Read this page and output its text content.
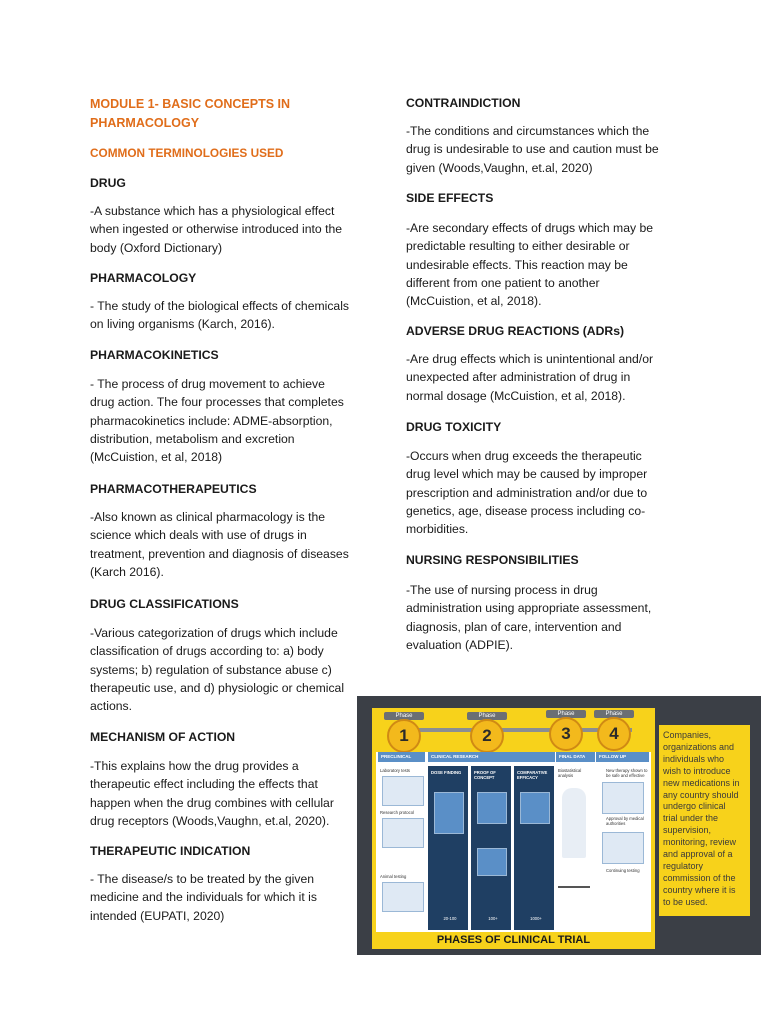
MODULE 1- BASIC CONCEPTS IN

PHARMACOLOGY

COMMON TERMINOLOGIES USED

DRUG

-A substance which has a physiological effect

when ingested or otherwise introduced into the

body (Oxford Dictionary)

PHARMACOLOGY

- The study of the biological effects of chemicals

on living organisms (Karch, 2016).

PHARMACOKINETICS

- The process of drug movement to achieve

drug action. The four processes that completes

pharmacokinetics include: ADME-absorption,

distribution, metabolism and excretion

(McCuistion, et al, 2018)

PHARMACOTHERAPEUTICS

-Also known as clinical pharmacology is the

science which deals with use of drugs in

treatment, prevention and diagnosis of diseases

(Karch 2016).

DRUG CLASSIFICATIONS

-Various categorization of drugs which include

classification of drugs according to: a) body

systems; b) regulation of substance abuse c)

therapeutic use, and d) physiologic or chemical

actions.

MECHANISM OF ACTION

-This explains how the drug provides a

therapeutic effect including the effects that

happen when the drug combines with cellular

drug receptors (Woods,Vaughn, et.al, 2020).

THERAPEUTIC INDICATION

- The disease/s to be treated by the given

medicine and the individuals for which it is

intended (EUPATI, 2020)

CONTRAINDICTION

-The conditions and circumstances which the

drug is undesirable to use and caution must be

given (Woods,Vaughn, et.al, 2020)

SIDE EFFECTS

-Are secondary effects of drugs which may be

predictable resulting to either desirable or

undesirable effects. This reaction may be

different from one patient to another

(McCuistion, et al, 2018).

ADVERSE DRUG REACTIONS (ADRs)

-Are drug effects which is unintentional and/or

unexpected after administration of drug in

normal dosage (McCuistion, et al, 2018).

DRUG TOXICITY

-Occurs when drug exceeds the therapeutic

drug level which may be caused by improper

prescription and administration and/or due to

genetics, age, disease process including co-

morbidities.

NURSING RESPONSIBILITIES

-The use of nursing process in drug

administration using appropriate assessment,

diagnosis, plan of care, intervention and

evaluation (ADPIE).

Phase
1
Phase
2
Phase
3
Phase
4
PRECLINICAL TESTING
CLINICAL RESEARCH	FINAL DATA ANALYSIS
FOLLOW UP
DOSE FINDING	PROOF OF CONCEPT
COMPARATIVE EFFICACY
Laboratory tests
Research protocol
Animal testing
20-100	100+	1000+
Biostatistical analysis
New therapy shown to be safe and effective
Approval by medical authorities
Continuing testing
PHASES OF CLINICAL TRIAL
Companies,
organizations and
individuals who
wish to introduce
new medications in
any country should
undergo clinical
trial under the
supervision,
monitoring, review
and approval of a
regulatory
commission of the
country where it is
to be used.
